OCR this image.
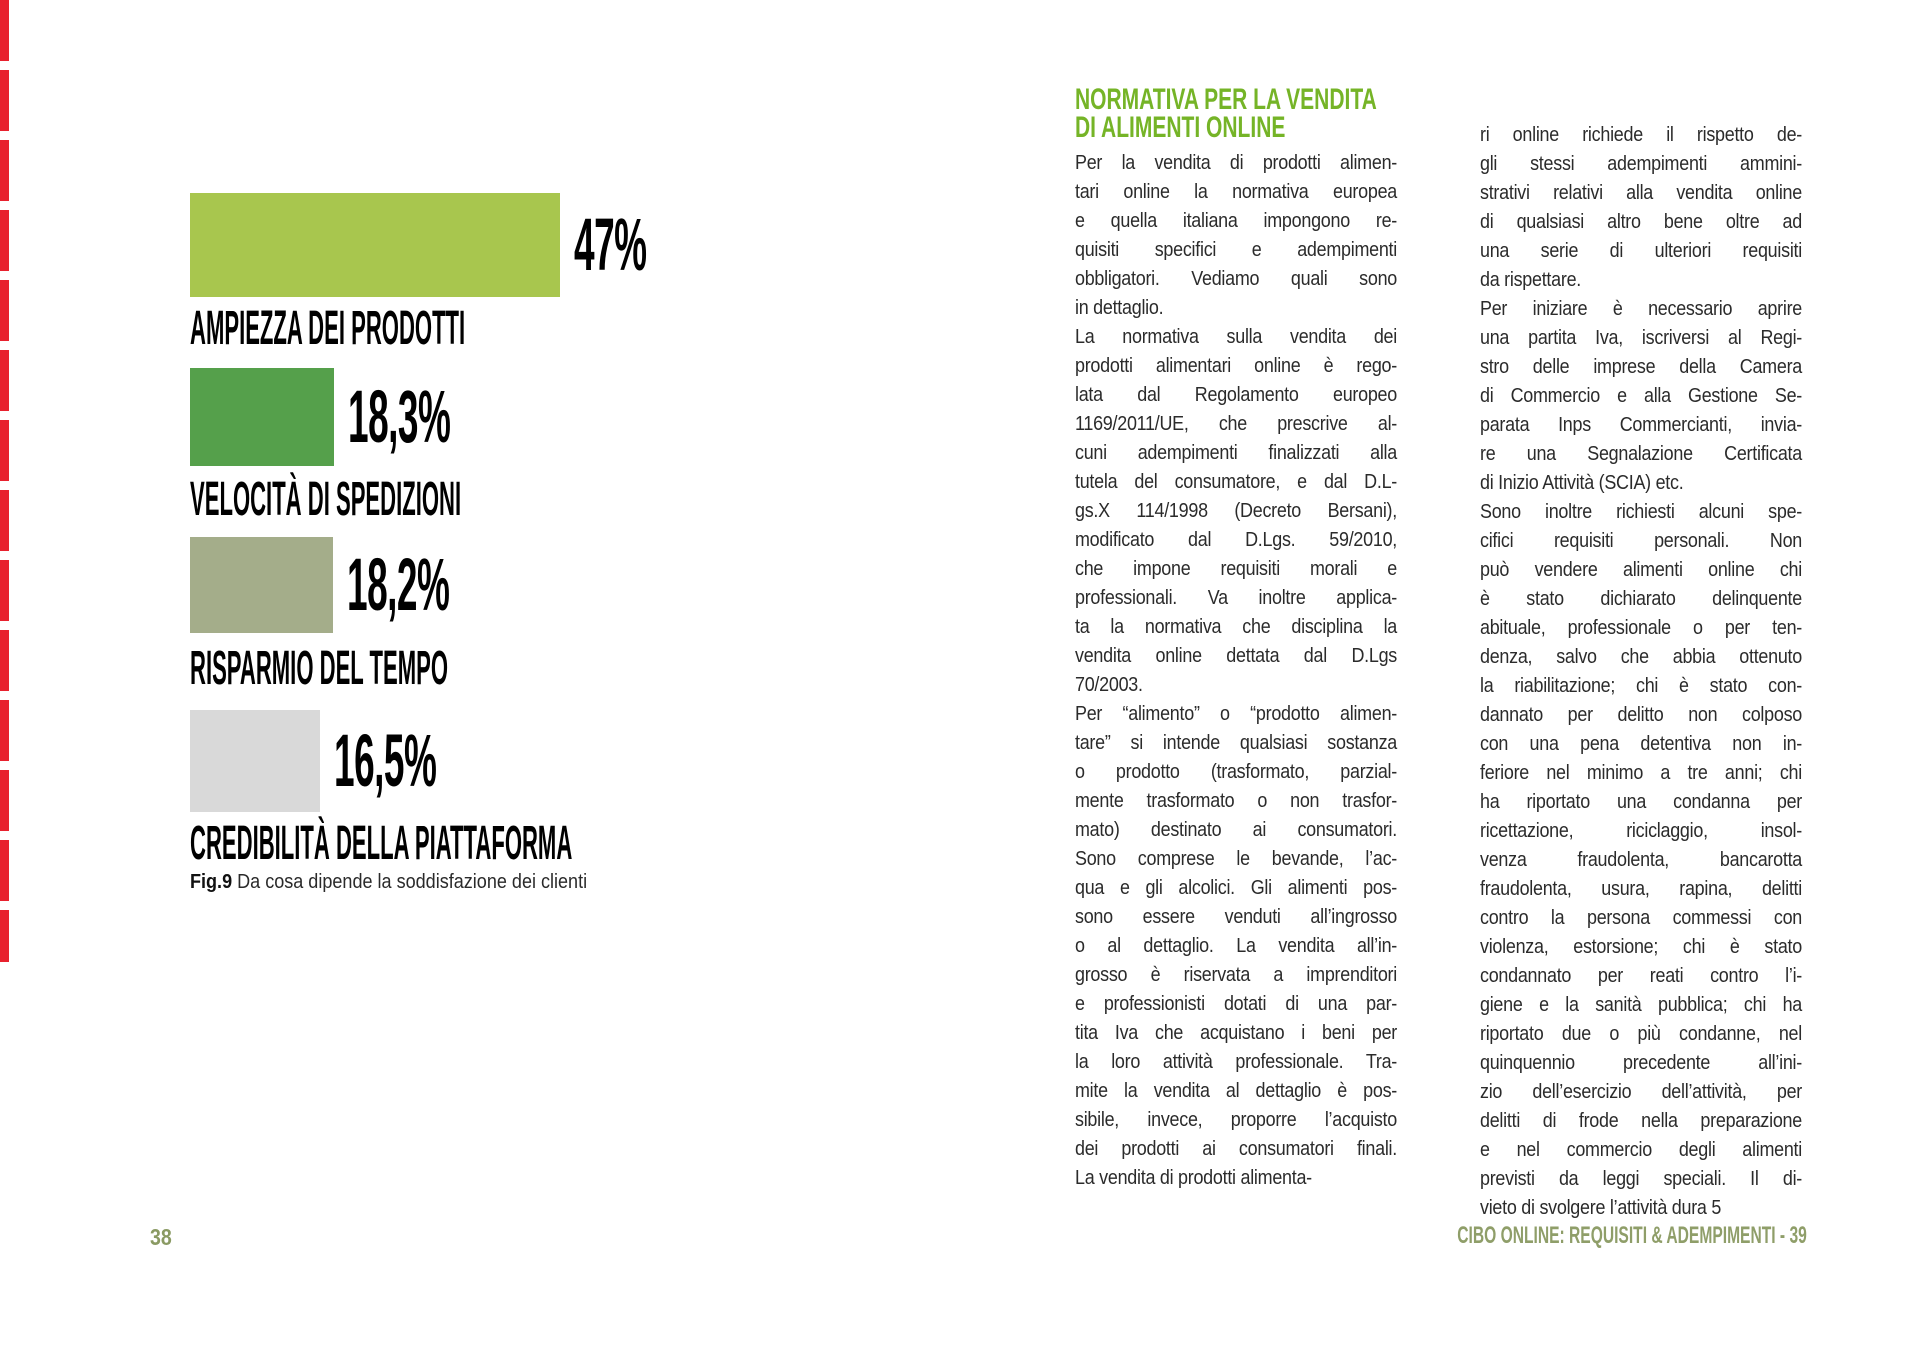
47%
AMPIEZZA DEI PRODOTTI
18,3%
VELOCITÀ DI SPEDIZIONI
18,2%
RISPARMIO DEL TEMPO
16,5%
CREDIBILITÀ DELLA PIATTAFORMA
Fig.9 Da cosa dipende la soddisfazione dei clienti
NORMATIVA PER LA VENDITA
DI ALIMENTI ONLINE
Per la vendita di prodotti alimen-
tari online la normativa europea
e quella italiana impongono re-
quisiti specifici e adempimenti
obbligatori. Vediamo quali sono
in dettaglio.
La normativa sulla vendita dei
prodotti alimentari online è rego-
lata dal Regolamento europeo
1169/2011/UE, che prescrive al-
cuni adempimenti finalizzati alla
tutela del consumatore, e dal D.L-
gs.X 114/1998 (Decreto Bersani),
modificato dal D.Lgs. 59/2010,
che impone requisiti morali e
professionali. Va inoltre applica-
ta la normativa che disciplina la
vendita online dettata dal D.Lgs
70/2003.
Per “alimento” o “prodotto alimen-
tare” si intende qualsiasi sostanza
o prodotto (trasformato, parzial-
mente trasformato o non trasfor-
mato) destinato ai consumatori.
Sono comprese le bevande, l’ac-
qua e gli alcolici. Gli alimenti pos-
sono essere venduti all’ingrosso
o al dettaglio. La vendita all’in-
grosso è riservata a imprenditori
e professionisti dotati di una par-
tita Iva che acquistano i beni per
la loro attività professionale. Tra-
mite la vendita al dettaglio è pos-
sibile, invece, proporre l’acquisto
dei prodotti ai consumatori finali.
La vendita di prodotti alimenta-
ri online richiede il rispetto de-
gli stessi adempimenti ammini-
strativi relativi alla vendita online
di qualsiasi altro bene oltre ad
una serie di ulteriori requisiti
da rispettare.
Per iniziare è necessario aprire
una partita Iva, iscriversi al Regi-
stro delle imprese della Camera
di Commercio e alla Gestione Se-
parata Inps Commercianti, invia-
re una Segnalazione Certificata
di Inizio Attività (SCIA) etc.
Sono inoltre richiesti alcuni spe-
cifici requisiti personali. Non
può vendere alimenti online chi
è stato dichiarato delinquente
abituale, professionale o per ten-
denza, salvo che abbia ottenuto
la riabilitazione; chi è stato con-
dannato per delitto non colposo
con una pena detentiva non in-
feriore nel minimo a tre anni; chi
ha riportato una condanna per
ricettazione, riciclaggio, insol-
venza fraudolenta, bancarotta
fraudolenta, usura, rapina, delitti
contro la persona commessi con
violenza, estorsione; chi è stato
condannato per reati contro l’i-
giene e la sanità pubblica; chi ha
riportato due o più condanne, nel
quinquennio precedente all’ini-
zio dell’esercizio dell’attività, per
delitti di frode nella preparazione
e nel commercio degli alimenti
previsti da leggi speciali. Il di-
vieto di svolgere l’attività dura 5
38	CIBO ONLINE: REQUISITI & ADEMPIMENTI - 39
